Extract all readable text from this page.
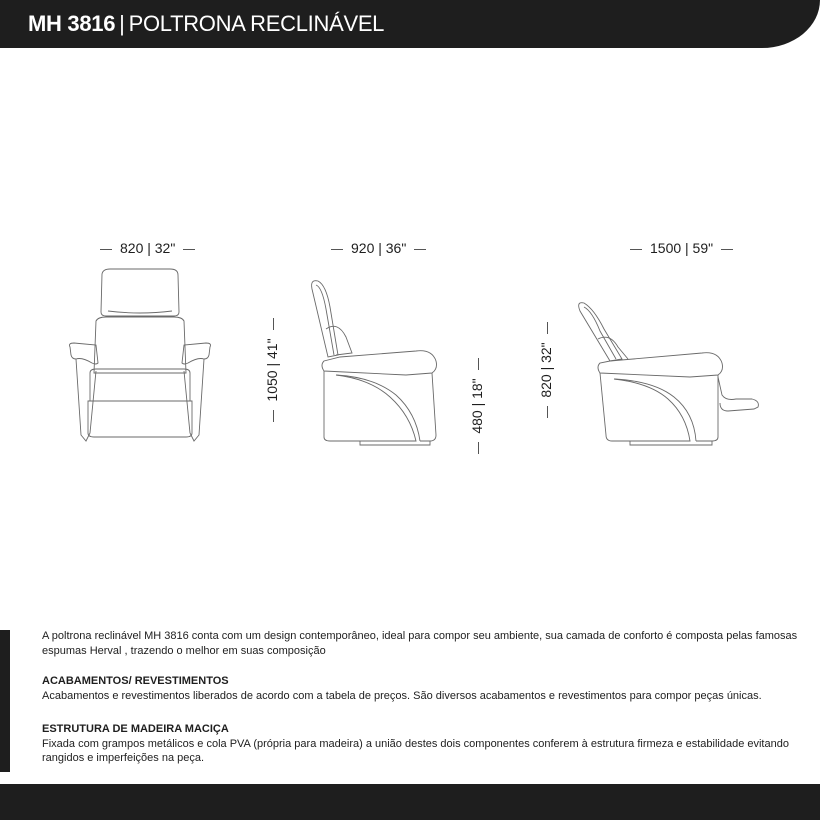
MH 3816 | POLTRONA RECLINÁVEL
820 | 32"	920 | 36"
1050 | 41"
480 | 18"
1500 | 59"
820 | 32"

A poltrona reclinável MH 3816 conta com um design contemporâneo, ideal para compor seu ambiente, sua camada de conforto é composta pelas famosas espumas Herval , trazendo o melhor em suas composição

ACABAMENTOS/ REVESTIMENTOS

Acabamentos e revestimentos liberados de acordo com a tabela de preços. São diversos acabamentos e revestimentos para compor peças únicas.

ESTRUTURA DE MADEIRA MACIÇA

Fixada com grampos metálicos e cola PVA (própria para madeira) a união destes dois componentes conferem à estrutura firmeza e estabilidade evitando rangidos e imperfeições na peça.
